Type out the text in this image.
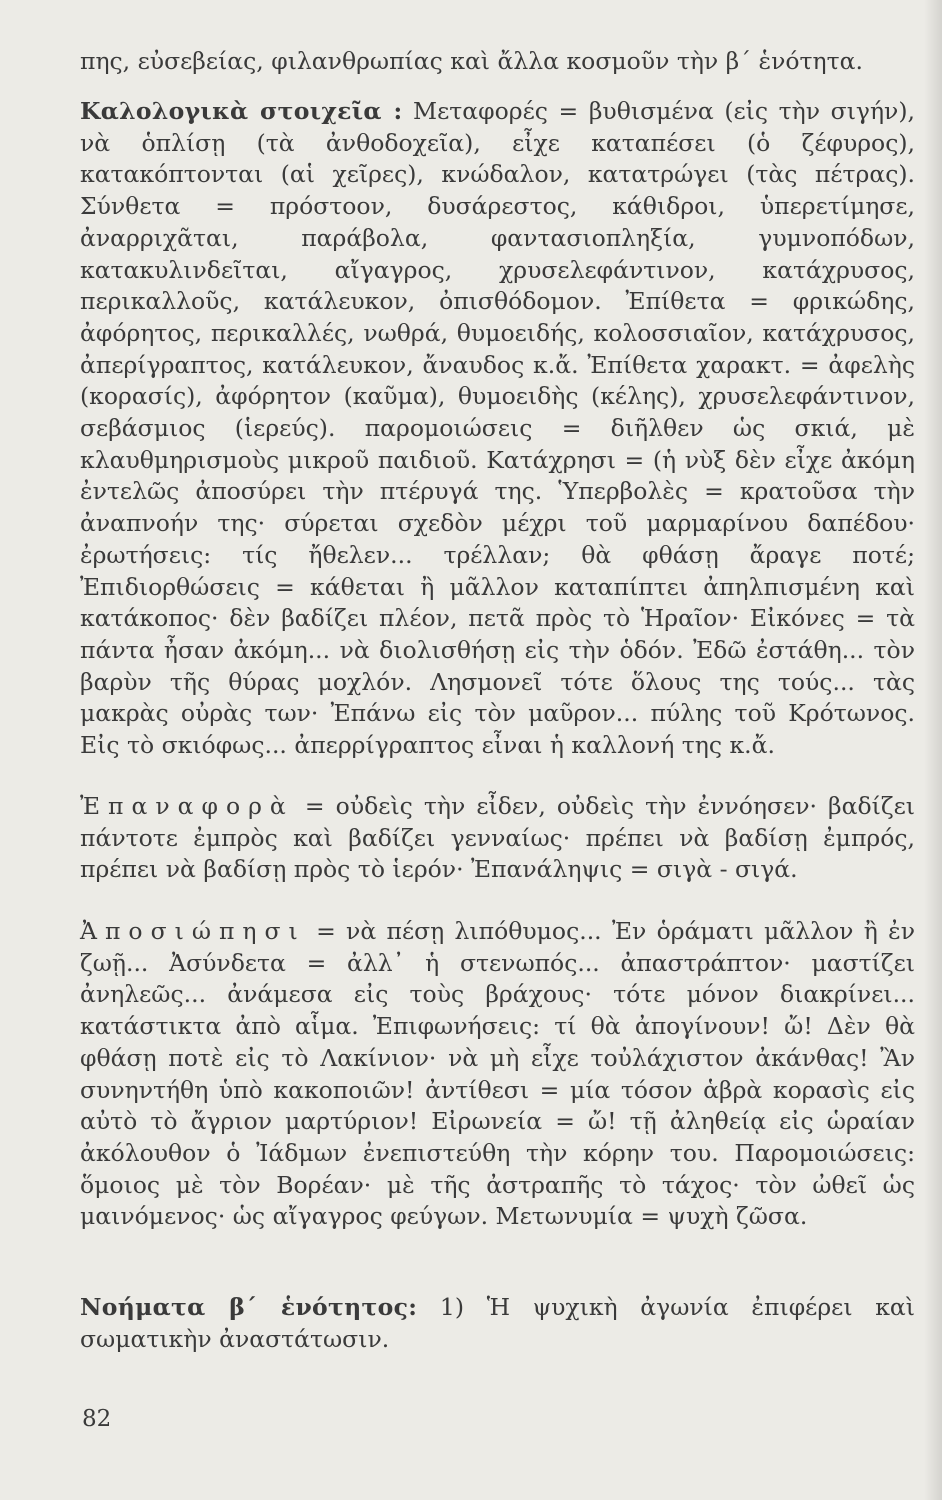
πης, εὐσεβείας, φιλανθρωπίας καὶ ἄλλα κοσμοῦν τὴν β΄ ἑνότητα.

Καλολογικὰ στοιχεῖα : Μεταφορές = βυθισμένα (εἰς τὴν σιγήν), νὰ ὁπλίσῃ (τὰ ἀνθοδοχεῖα), εἶχε καταπέσει (ὁ ζέφυρος), κατακόπτονται (αἱ χεῖρες), κνώδαλον, κατατρώγει (τὰς πέτρας). Σύνθετα = πρόστοον, δυσάρεστος, κάθιδροι, ὑπερετίμησε, ἀναρριχᾶται, παράβολα, φαντασιοπληξία, γυμνοπόδων, κατακυλινδεῖται, αἴγαγρος, χρυσελεφάντινον, κατάχρυσος, περικαλλοῦς, κατάλευκον, ὀπισθόδομον. Ἐπίθετα = φρικώδης, ἀφόρητος, περικαλλές, νωθρά, θυμοειδής, κολοσσιαῖον, κατάχρυσος, ἀπερίγραπτος, κατάλευκον, ἄναυδος κ.ἄ. Ἐπίθετα χαρακτ. = ἀφελὴς (κορασίς), ἀφόρητον (καῦμα), θυμοειδὴς (κέλης), χρυσελεφάντινον, σεβάσμιος (ἱερεύς). παρομοιώσεις = διῆλθεν ὡς σκιά, μὲ κλαυθμηρισμοὺς μικροῦ παιδιοῦ. Κατάχρησι = (ἡ νὺξ δὲν εἶχε ἀκόμη ἐντελῶς ἀποσύρει τὴν πτέρυγά της. Ὑπερβολὲς = κρατοῦσα τὴν ἀναπνοήν της· σύρεται σχεδὸν μέχρι τοῦ μαρμαρίνου δαπέδου· ἐρωτήσεις: τίς ἤθελεν... τρέλλαν; θὰ φθάσῃ ἄραγε ποτέ; Ἐπιδιορθώσεις = κάθεται ἢ μᾶλλον καταπίπτει ἀπηλπισμένη καὶ κατάκοπος· δὲν βαδίζει πλέον, πετᾶ πρὸς τὸ Ἡραῖον· Εἰκόνες = τὰ πάντα ἦσαν ἀκόμη... νὰ διολισθήσῃ εἰς τὴν ὁδόν. Ἐδῶ ἐστάθη... τὸν βαρὺν τῆς θύρας μοχλόν. Λησμονεῖ τότε ὅλους της τούς... τὰς μακρὰς οὐρὰς των· Ἐπάνω εἰς τὸν μαῦρον... πύλης τοῦ Κρότωνος. Εἰς τὸ σκιόφως... ἀπερρίγραπτος εἶναι ἡ καλλονή της κ.ἄ.

Ἐπαναφορὰ = οὐδεὶς τὴν εἶδεν, οὐδεὶς τὴν ἐννόησεν· βαδίζει πάντοτε ἐμπρὸς καὶ βαδίζει γενναίως· πρέπει νὰ βαδίσῃ ἐμπρός, πρέπει νὰ βαδίσῃ πρὸς τὸ ἱερόν· Ἐπανάληψις = σιγὰ - σιγά.

Ἀποσιώπησι = νὰ πέσῃ λιπόθυμος... Ἐν ὁράματι μᾶλλον ἢ ἐν ζωῇ... Ἀσύνδετα = ἀλλ᾽ ἡ στενωπός... ἀπαστράπτον· μαστίζει ἀνηλεῶς... ἀνάμεσα εἰς τοὺς βράχους· τότε μόνον διακρίνει... κατάστικτα ἀπὸ αἷμα. Ἐπιφωνήσεις: τί θὰ ἀπογίνουν! ὤ! Δὲν θὰ φθάσῃ ποτὲ εἰς τὸ Λακίνιον· νὰ μὴ εἶχε τοὐλάχιστον ἀκάνθας! Ἂν συνηντήθη ὑπὸ κακοποιῶν! ἀντίθεσι = μία τόσον ἁβρὰ κορασὶς εἰς αὐτὸ τὸ ἄγριον μαρτύριον! Εἰρωνεία = ὤ! τῇ ἀληθείᾳ εἰς ὡραίαν ἀκόλουθον ὁ Ἰάδμων ἐνεπιστεύθη τὴν κόρην του. Παρομοιώσεις: ὅμοιος μὲ τὸν Βορέαν· μὲ τῆς ἀστραπῆς τὸ τάχος· τὸν ὠθεῖ ὡς μαινόμενος· ὡς αἴγαγρος φεύγων. Μετωνυμία = ψυχὴ ζῶσα.

Νοήματα β΄ ἑνότητος: 1) Ἡ ψυχικὴ ἀγωνία ἐπιφέρει καὶ σωματικὴν ἀναστάτωσιν.

82
